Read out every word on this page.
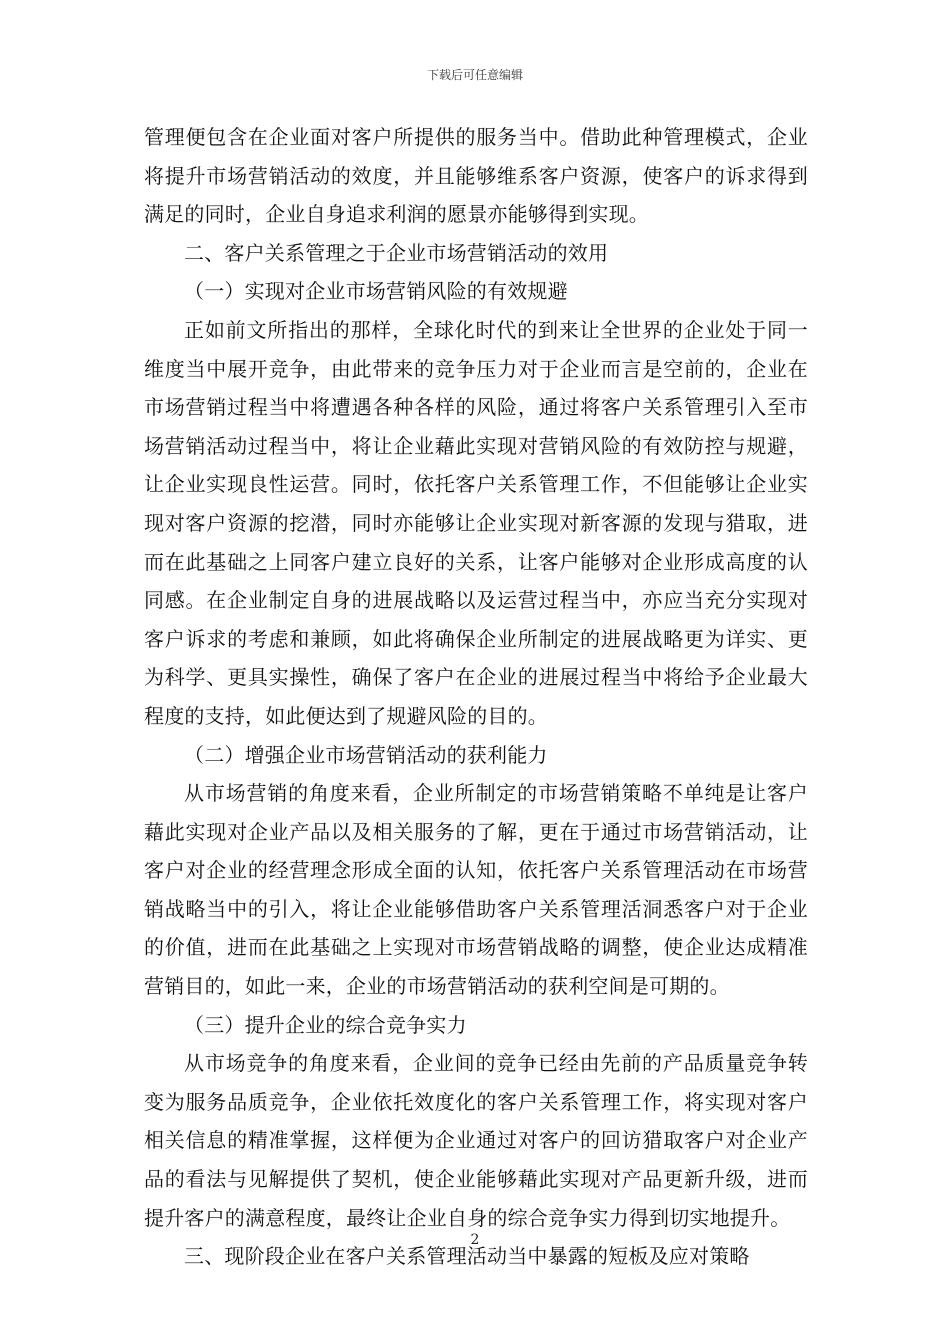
下载后可任意编辑

管理便包含在企业面对客户所提供的服务当中。借助此种管理模式，企业将提升市场营销活动的效度，并且能够维系客户资源，使客户的诉求得到满足的同时，企业自身追求利润的愿景亦能够得到实现。

二、客户关系管理之于企业市场营销活动的效用

（一）实现对企业市场营销风险的有效规避

正如前文所指出的那样，全球化时代的到来让全世界的企业处于同一维度当中展开竞争，由此带来的竞争压力对于企业而言是空前的，企业在市场营销过程当中将遭遇各种各样的风险，通过将客户关系管理引入至市场营销活动过程当中，将让企业藉此实现对营销风险的有效防控与规避，让企业实现良性运营。同时，依托客户关系管理工作，不但能够让企业实现对客户资源的挖潜，同时亦能够让企业实现对新客源的发现与猎取，进而在此基础之上同客户建立良好的关系，让客户能够对企业形成高度的认同感。在企业制定自身的进展战略以及运营过程当中，亦应当充分实现对客户诉求的考虑和兼顾，如此将确保企业所制定的进展战略更为详实、更为科学、更具实操性，确保了客户在企业的进展过程当中将给予企业最大程度的支持，如此便达到了规避风险的目的。

（二）增强企业市场营销活动的获利能力

从市场营销的角度来看，企业所制定的市场营销策略不单纯是让客户藉此实现对企业产品以及相关服务的了解，更在于通过市场营销活动，让客户对企业的经营理念形成全面的认知，依托客户关系管理活动在市场营销战略当中的引入，将让企业能够借助客户关系管理活洞悉客户对于企业的价值，进而在此基础之上实现对市场营销战略的调整，使企业达成精准营销目的，如此一来，企业的市场营销活动的获利空间是可期的。

（三）提升企业的综合竞争实力

从市场竞争的角度来看，企业间的竞争已经由先前的产品质量竞争转变为服务品质竞争，企业依托效度化的客户关系管理工作，将实现对客户相关信息的精准掌握，这样便为企业通过对客户的回访猎取客户对企业产品的看法与见解提供了契机，使企业能够藉此实现对产品更新升级，进而提升客户的满意程度，最终让企业自身的综合竞争实力得到切实地提升。

三、现阶段企业在客户关系管理活动当中暴露的短板及应对策略

2
